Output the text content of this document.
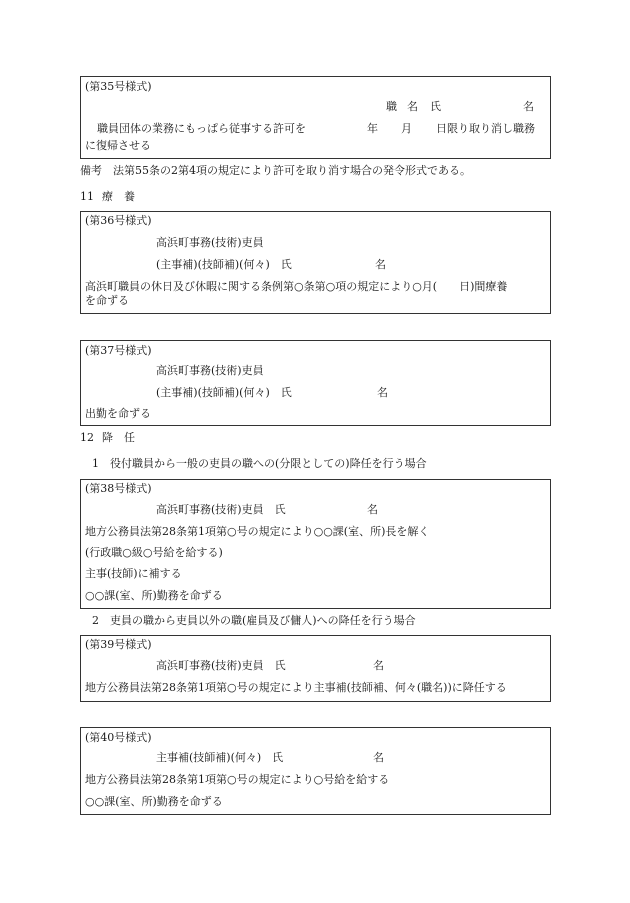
(第35号様式)
職 名 氏	名
職員団体の業務にもっぱら従事する許可を	年 月 日限り取り消し職務
に復帰させる
備考　法第55条の2第4項の規定により許可を取り消す場合の発令形式である。
11 療　養
(第36号様式)
高浜町事務(技術)吏員
(主事補)(技師補)(何々)　氏	名
高浜町職員の休日及び休暇に関する条例第○条第○項の規定により○月(　　日)間療養
を命ずる
(第37号様式)
高浜町事務(技術)吏員
(主事補)(技師補)(何々)　氏	名
出勤を命ずる
12 降　任
1　役付職員から一般の吏員の職への(分限としての)降任を行う場合
(第38号様式)
高浜町事務(技術)吏員　氏	名
地方公務員法第28条第1項第○号の規定により○○課(室、所)長を解く
(行政職○級○号給を給する)
主事(技師)に補する
○○課(室、所)勤務を命ずる
2　吏員の職から吏員以外の職(雇員及び傭人)への降任を行う場合
(第39号様式)
高浜町事務(技術)吏員　氏	名
地方公務員法第28条第1項第○号の規定により主事補(技師補、何々(職名))に降任する
(第40号様式)
主事補(技師補)(何々)　氏	名
地方公務員法第28条第1項第○号の規定により○号給を給する
○○課(室、所)勤務を命ずる
